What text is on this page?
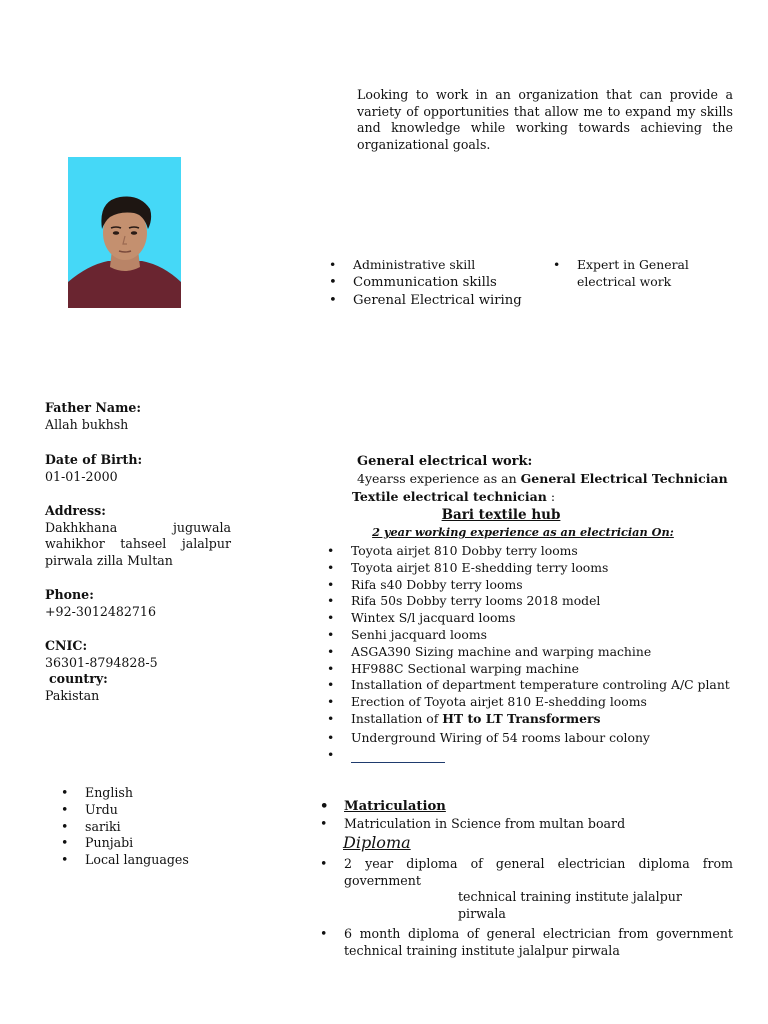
Looking to work in an organization that can provide a variety of opportunities that allow me to expand my skills and knowledge while working towards achieving the organizational goals.
• Administrative skill
• Communication skills
• Gerenal Electrical wiring
• Expert in General electrical work
Father Name:
Allah bukhsh
Date of Birth:
01-01-2000
Address:
Dakhkhana juguwala wahikhor tahseel jalalpur pirwala zilla Multan
Phone:
+92-3012482716
CNIC:
36301-8794828-5
country:
Pakistan
General electrical work:
4yearss experience as an General Electrical Technician
Textile electrical technician :
Bari textile hub
2 year working experience as an electrician On:
• Toyota airjet 810 Dobby terry looms
• Toyota airjet 810 E-shedding terry looms
• Rifa s40 Dobby terry looms
• Rifa 50s Dobby terry looms 2018 model
• Wintex S/l jacquard looms
• Senhi jacquard looms
• ASGA390 Sizing machine and warping machine
• HF988C Sectional warping machine
• Installation of department temperature controling A/C plant
• Erection of Toyota airjet 810 E-shedding looms
• Installation of HT to LT Transformers
• Underground Wiring of 54 rooms labour colony
•
• English
• Urdu
• sariki
• Punjabi
• Local languages
• Matriculation
• Matriculation in Science from multan board
Diploma
• 2 year diploma of general electrician diploma from government
technical training institute jalalpur pirwala
• 6 month diploma of general electrician from government technical training institute jalalpur pirwala
